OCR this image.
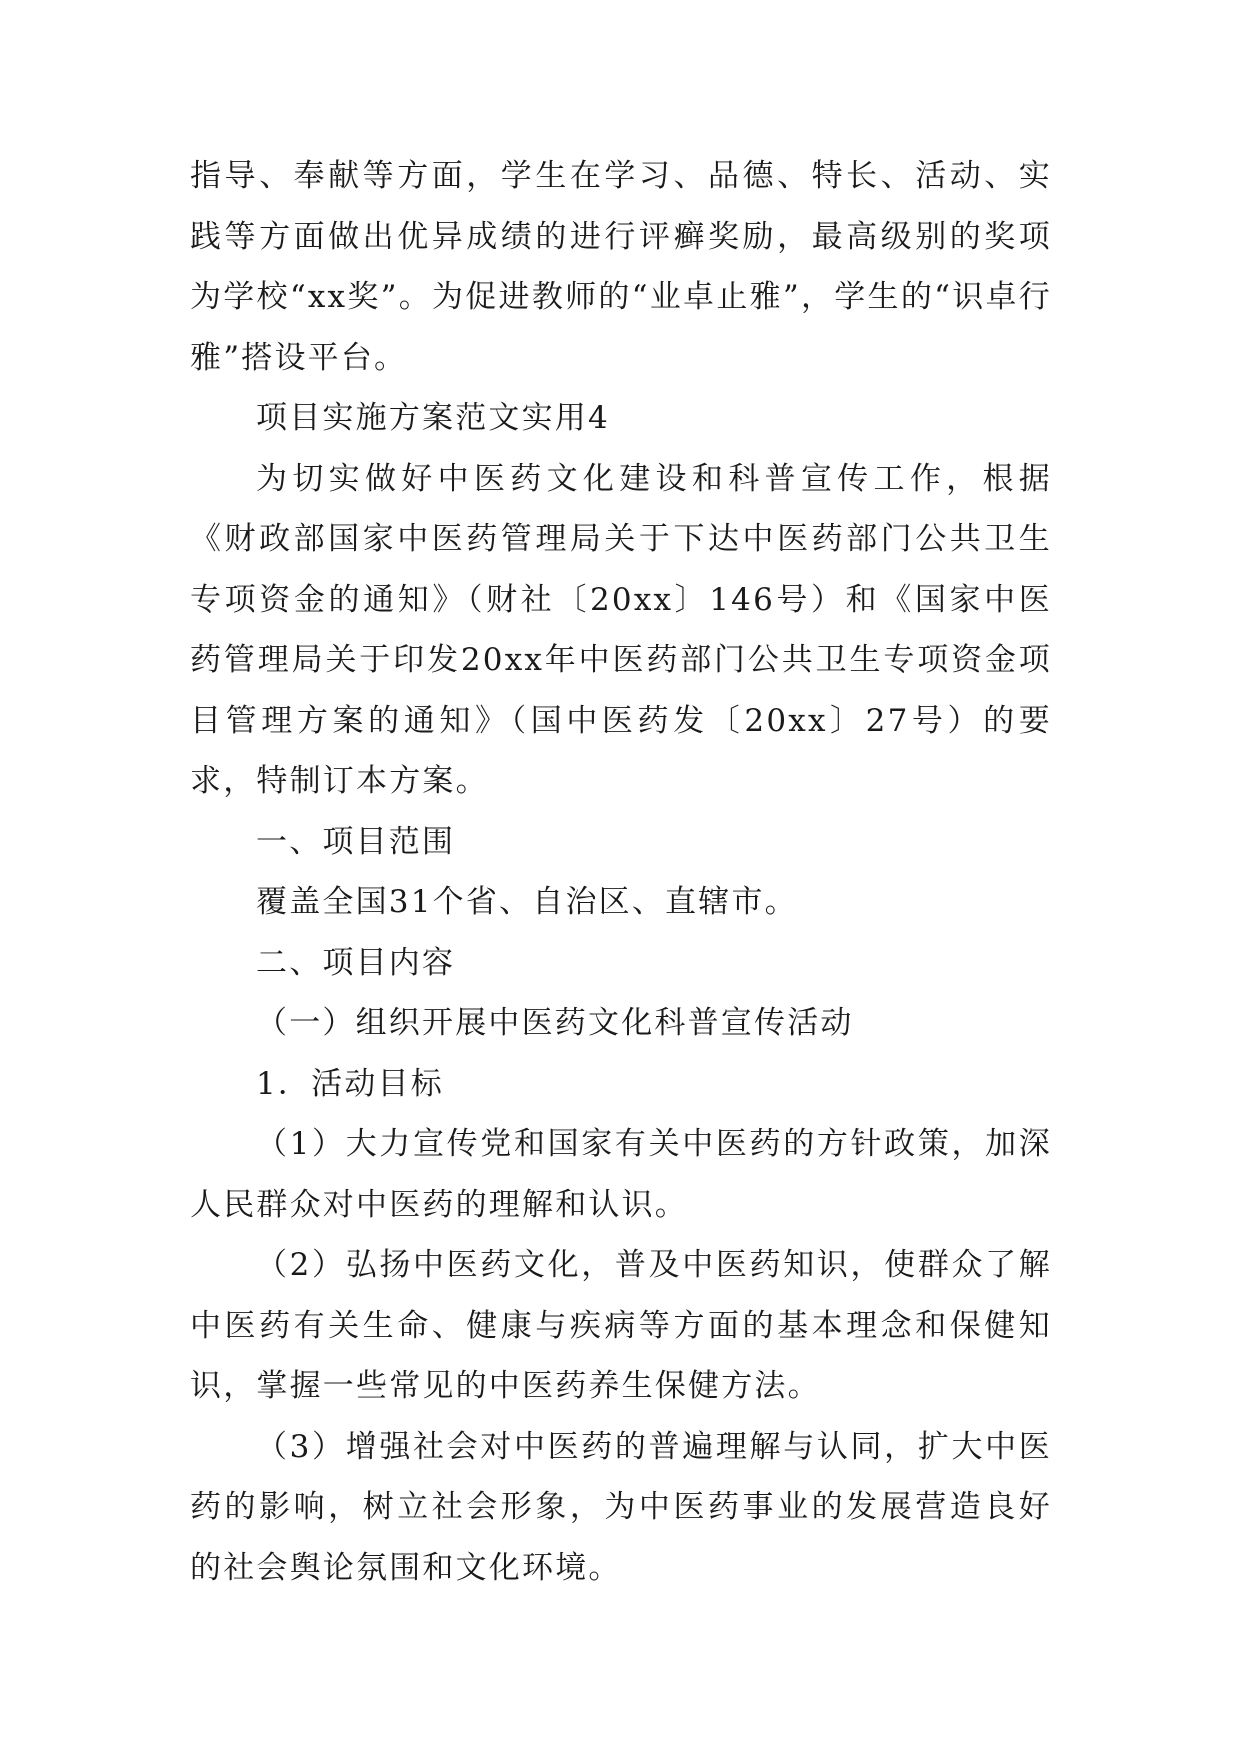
指导、奉献等方面，学生在学习、品德、特长、活动、实践等方面做出优异成绩的进行评癣奖励，最高级别的奖项为学校“xx奖”。为促进教师的“业卓止雅”，学生的“识卓行雅”搭设平台。

项目实施方案范文实用4

为切实做好中医药文化建设和科普宣传工作，根据《财政部国家中医药管理局关于下达中医药部门公共卫生专项资金的通知》（财社〔20xx〕146号）和《国家中医药管理局关于印发20xx年中医药部门公共卫生专项资金项目管理方案的通知》（国中医药发〔20xx〕27号）的要求，特制订本方案。

一、项目范围

覆盖全国31个省、自治区、直辖市。

二、项目内容

（一）组织开展中医药文化科普宣传活动

1．活动目标

（1）大力宣传党和国家有关中医药的方针政策，加深人民群众对中医药的理解和认识。

（2）弘扬中医药文化，普及中医药知识，使群众了解中医药有关生命、健康与疾病等方面的基本理念和保健知识，掌握一些常见的中医药养生保健方法。

（3）增强社会对中医药的普遍理解与认同，扩大中医药的影响，树立社会形象，为中医药事业的发展营造良好的社会舆论氛围和文化环境。
